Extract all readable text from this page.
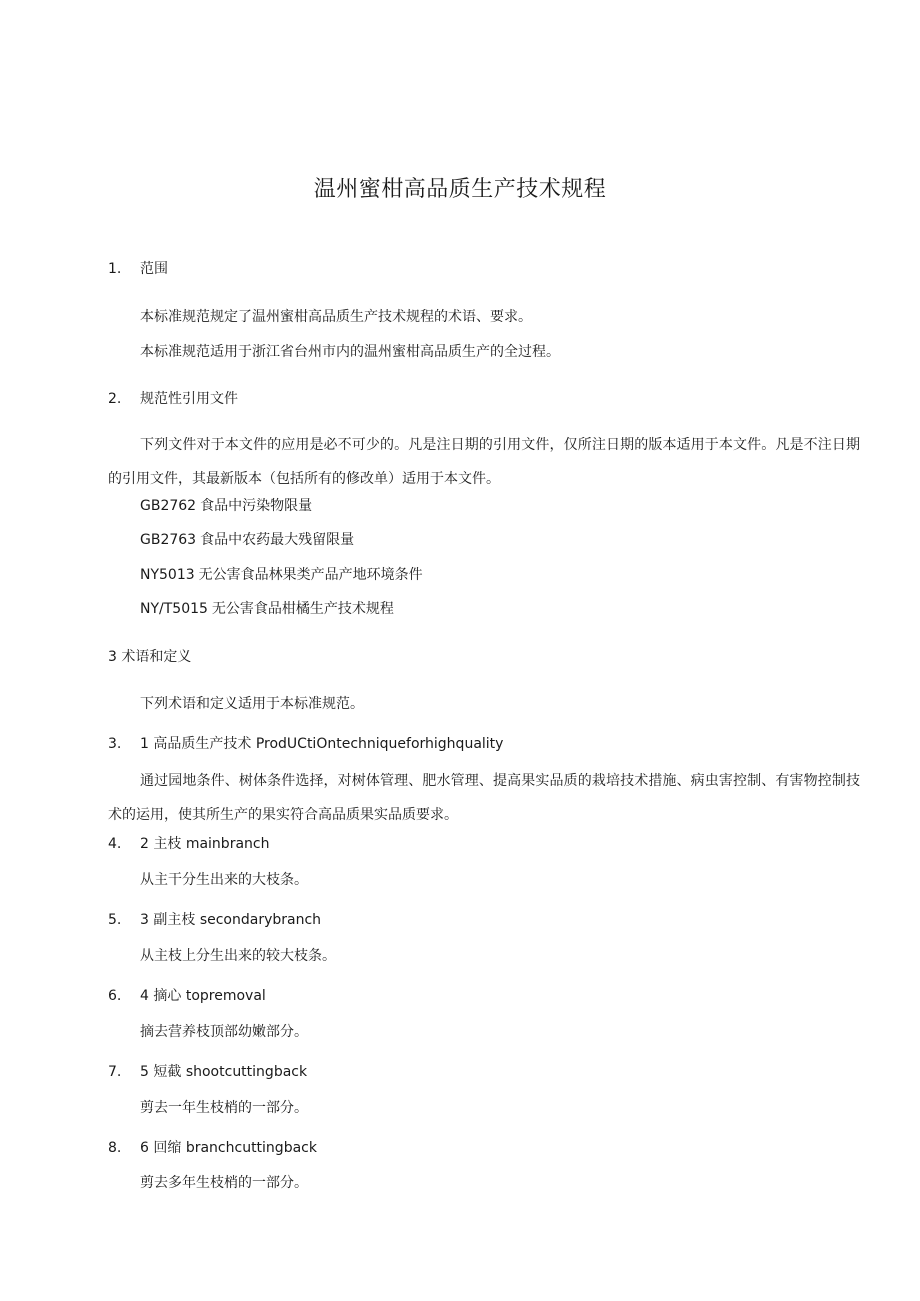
温州蜜柑高品质生产技术规程
1. 范围
本标准规范规定了温州蜜柑高品质生产技术规程的术语、要求。
本标准规范适用于浙江省台州市内的温州蜜柑高品质生产的全过程。
2. 规范性引用文件
下列文件对于本文件的应用是必不可少的。凡是注日期的引用文件，仅所注日期的版本适用于本文件。凡是不注日期的引用文件，其最新版本（包括所有的修改单）适用于本文件。
GB2762 食品中污染物限量
GB2763 食品中农药最大残留限量
NY5013 无公害食品林果类产品产地环境条件
NY/T5015 无公害食品柑橘生产技术规程
3 术语和定义
下列术语和定义适用于本标准规范。
3. 1 高品质生产技术 ProdUCtiOntechniqueforhighquality
通过园地条件、树体条件选择，对树体管理、肥水管理、提高果实品质的栽培技术措施、病虫害控制、有害物控制技术的运用，使其所生产的果实符合高品质果实品质要求。
4. 2 主枝 mainbranch
从主干分生出来的大枝条。
5. 3 副主枝 secondarybranch
从主枝上分生出来的较大枝条。
6. 4 摘心 topremoval
摘去营养枝顶部幼嫩部分。
7. 5 短截 shootcuttingback
剪去一年生枝梢的一部分。
8. 6 回缩 branchcuttingback
剪去多年生枝梢的一部分。
